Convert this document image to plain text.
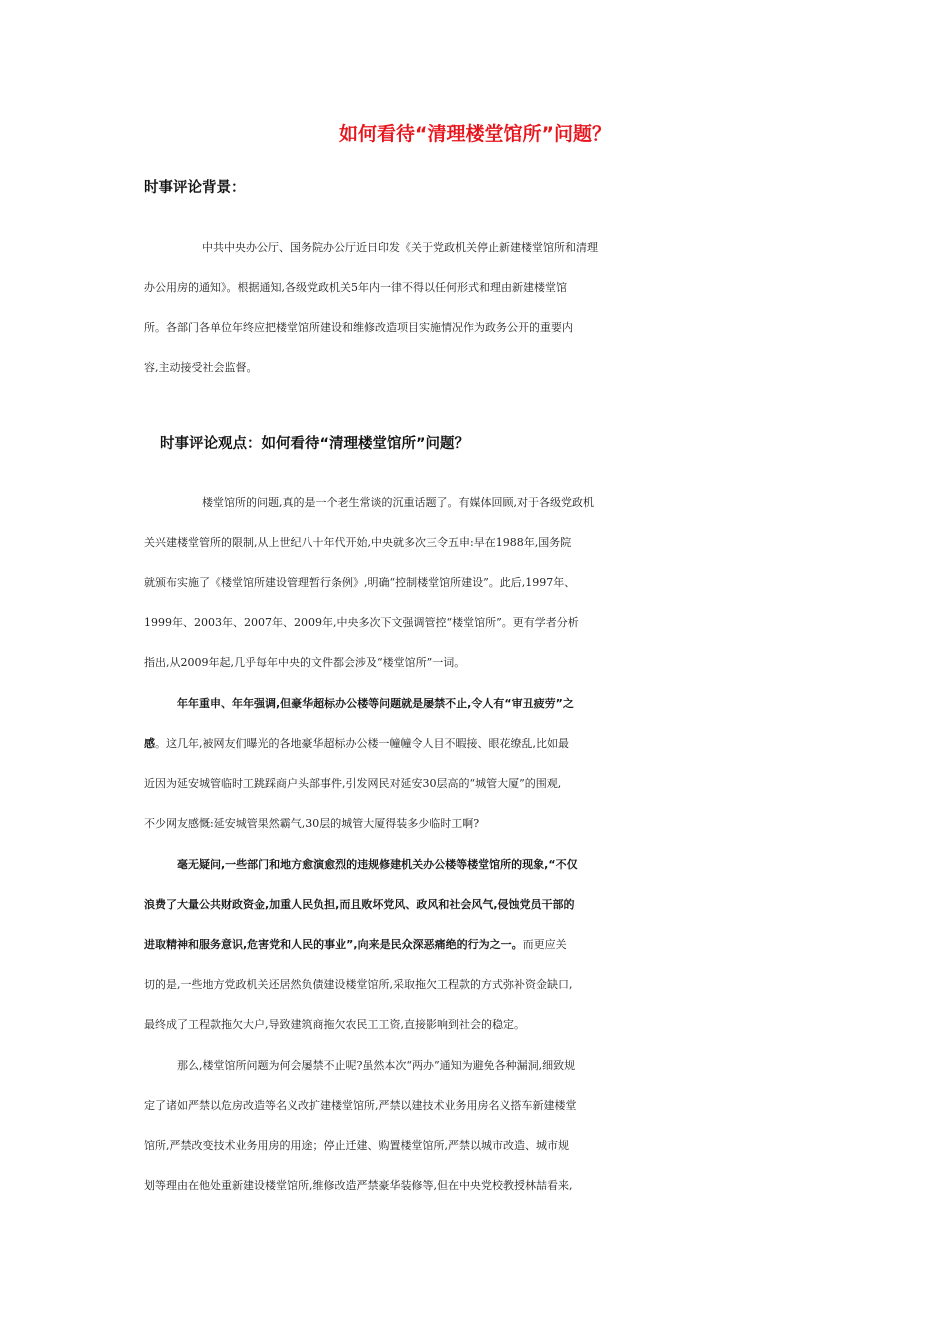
如何看待“清理楼堂馆所”问题？
时事评论背景：
中共中央办公厅、国务院办公厅近日印发《关于党政机关停止新建楼堂馆所和清理
办公用房的通知》。根据通知,各级党政机关5年内一律不得以任何形式和理由新建楼堂馆
所。各部门各单位年终应把楼堂馆所建设和维修改造项目实施情况作为政务公开的重要内
容,主动接受社会监督。
时事评论观点：如何看待“清理楼堂馆所”问题？
楼堂馆所的问题,真的是一个老生常谈的沉重话题了。有媒体回顾,对于各级党政机
关兴建楼堂管所的限制,从上世纪八十年代开始,中央就多次三令五申:早在1988年,国务院
就颁布实施了《楼堂馆所建设管理暂行条例》,明确“控制楼堂馆所建设”。此后,1997年、
1999年、2003年、2007年、2009年,中央多次下文强调管控“楼堂馆所”。更有学者分析
指出,从2009年起,几乎每年中央的文件都会涉及“楼堂馆所”一词。
年年重申、年年强调,但豪华超标办公楼等问题就是屡禁不止,令人有“审丑疲劳”之
感。这几年,被网友们曝光的各地豪华超标办公楼一幢幢令人目不暇接、眼花缭乱,比如最
近因为延安城管临时工跳踩商户头部事件,引发网民对延安30层高的“城管大厦”的围观,
不少网友感慨:延安城管果然霸气,30层的城管大厦得装多少临时工啊?
毫无疑问,一些部门和地方愈演愈烈的违规修建机关办公楼等楼堂馆所的现象,“不仅
浪费了大量公共财政资金,加重人民负担,而且败坏党风、政风和社会风气,侵蚀党员干部的
进取精神和服务意识,危害党和人民的事业”,向来是民众深恶痛绝的行为之一。而更应关
切的是,一些地方党政机关还居然负债建设楼堂馆所,采取拖欠工程款的方式弥补资金缺口,
最终成了工程款拖欠大户,导致建筑商拖欠农民工工资,直接影响到社会的稳定。
那么,楼堂馆所问题为何会屡禁不止呢?虽然本次“两办”通知为避免各种漏洞,细致规
定了诸如严禁以危房改造等名义改扩建楼堂馆所,严禁以建技术业务用房名义搭车新建楼堂
馆所,严禁改变技术业务用房的用途；停止迁建、购置楼堂馆所,严禁以城市改造、城市规
划等理由在他处重新建设楼堂馆所,维修改造严禁豪华装修等,但在中央党校教授林喆看来,
